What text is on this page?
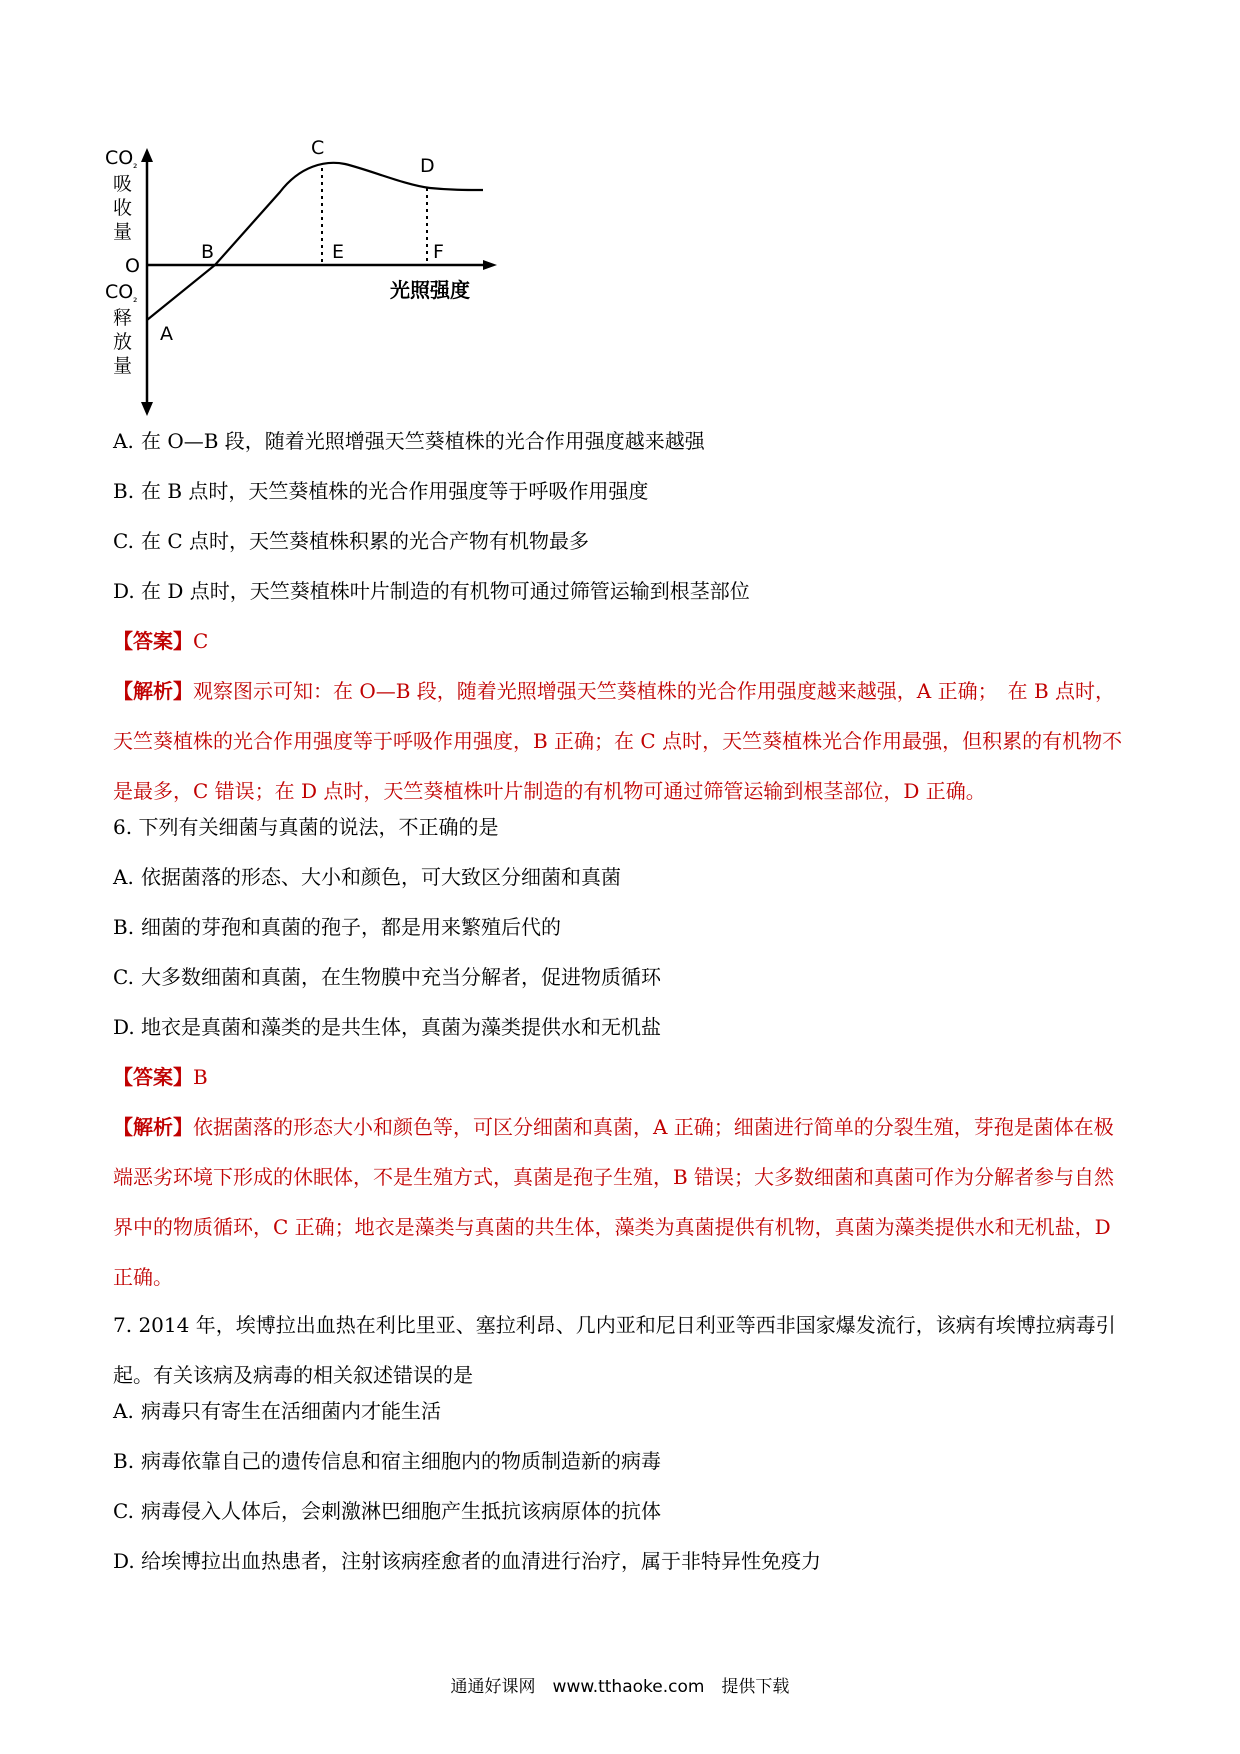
CO ₂
吸
收
量
O
CO ₂
释
放
量
A
B
C
D
E	F
光照强度

A. 在 O—B 段，随着光照增强天竺葵植株的光合作用强度越来越强

B. 在 B 点时，天竺葵植株的光合作用强度等于呼吸作用强度

C. 在 C 点时，天竺葵植株积累的光合产物有机物最多

D. 在 D 点时，天竺葵植株叶片制造的有机物可通过筛管运输到根茎部位

【答案】C

【解析】观察图示可知：在 O—B 段，随着光照增强天竺葵植株的光合作用强度越来越强，A 正确；　在 B 点时，天竺葵植株的光合作用强度等于呼吸作用强度，B 正确；在 C 点时，天竺葵植株光合作用最强，但积累的有机物不是最多，C 错误；在 D 点时，天竺葵植株叶片制造的有机物可通过筛管运输到根茎部位，D 正确。

6. 下列有关细菌与真菌的说法，不正确的是

A. 依据菌落的形态、大小和颜色，可大致区分细菌和真菌

B. 细菌的芽孢和真菌的孢子，都是用来繁殖后代的

C. 大多数细菌和真菌，在生物膜中充当分解者，促进物质循环

D. 地衣是真菌和藻类的是共生体，真菌为藻类提供水和无机盐

【答案】B

【解析】依据菌落的形态大小和颜色等，可区分细菌和真菌，A 正确；细菌进行简单的分裂生殖，芽孢是菌体在极端恶劣环境下形成的休眠体，不是生殖方式，真菌是孢子生殖，B 错误；大多数细菌和真菌可作为分解者参与自然界中的物质循环，C 正确；地衣是藻类与真菌的共生体，藻类为真菌提供有机物，真菌为藻类提供水和无机盐，D 正确。

7. 2014 年，埃博拉出血热在利比里亚、塞拉利昂、几内亚和尼日利亚等西非国家爆发流行，该病有埃博拉病毒引起。有关该病及病毒的相关叙述错误的是

A. 病毒只有寄生在活细菌内才能生活

B. 病毒依靠自己的遗传信息和宿主细胞内的物质制造新的病毒

C. 病毒侵入人体后，会刺激淋巴细胞产生抵抗该病原体的抗体

D. 给埃博拉出血热患者，注射该病痊愈者的血清进行治疗，属于非特异性免疫力

通通好课网　www.tthaoke.com　提供下载
